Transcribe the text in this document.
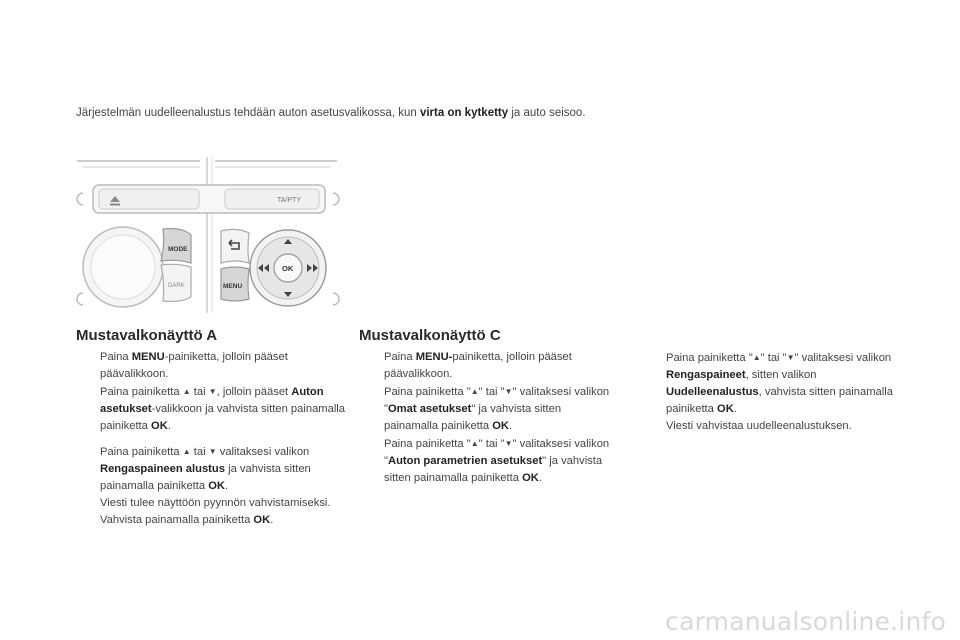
Järjestelmän uudelleenalustus tehdään auton asetusvalikossa, kun virta on kytketty ja auto seisoo.
TA/PTY
MODE
DARK	MENU
OK
Mustavalkonäyttö A
Paina MENU-painiketta, jolloin pääset päävalikkoon.
Paina painiketta ▲ tai ▼, jolloin pääset Auton asetukset-valikkoon ja vahvista sitten painamalla painiketta OK.
Paina painiketta ▲ tai ▼ valitaksesi valikon Rengaspaineen alustus ja vahvista sitten painamalla painiketta OK.
Viesti tulee näyttöön pyynnön vahvistamiseksi.
Vahvista painamalla painiketta OK.
Mustavalkonäyttö C
Paina MENU-painiketta, jolloin pääset päävalikkoon.
Paina painiketta "▲" tai "▼" valitaksesi valikon "Omat asetukset" ja vahvista sitten painamalla painiketta OK.
Paina painiketta "▲" tai "▼" valitaksesi valikon "Auton parametrien asetukset" ja vahvista sitten painamalla painiketta OK.
Paina painiketta "▲" tai "▼" valitaksesi valikon Rengaspaineet, sitten valikon Uudelleenalustus, vahvista sitten painamalla painiketta OK.
Viesti vahvistaa uudelleenalustuksen.
carmanualsonline.info
